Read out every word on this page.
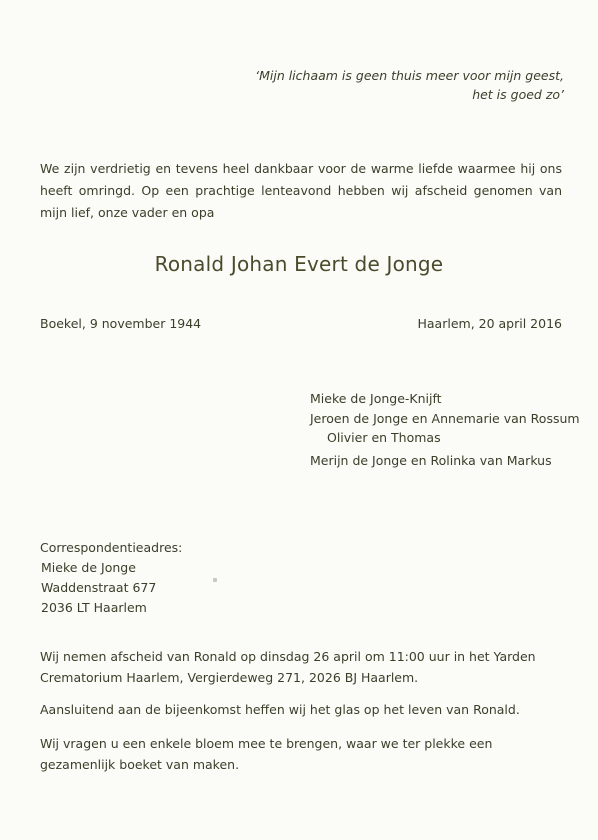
‘Mijn lichaam is geen thuis meer voor mijn geest,
het is goed zo’
We zijn verdrietig en tevens heel dankbaar voor de warme liefde waarmee hij ons heeft omringd. Op een prachtige lenteavond hebben wij afscheid genomen van mijn lief, onze vader en opa
Ronald Johan Evert de Jonge
Boekel, 9 november 1944	Haarlem, 20 april 2016
Mieke de Jonge-Knijft
Jeroen de Jonge en Annemarie van Rossum
Olivier en Thomas
Merijn de Jonge en Rolinka van Markus
Correspondentieadres:
Mieke de Jonge
Waddenstraat 677
2036 LT Haarlem
Wij nemen afscheid van Ronald op dinsdag 26 april om 11:00 uur in het Yarden Crematorium Haarlem, Vergierdeweg 271, 2026 BJ Haarlem.
Aansluitend aan de bijeenkomst heffen wij het glas op het leven van Ronald.
Wij vragen u een enkele bloem mee te brengen, waar we ter plekke een gezamenlijk boeket van maken.
